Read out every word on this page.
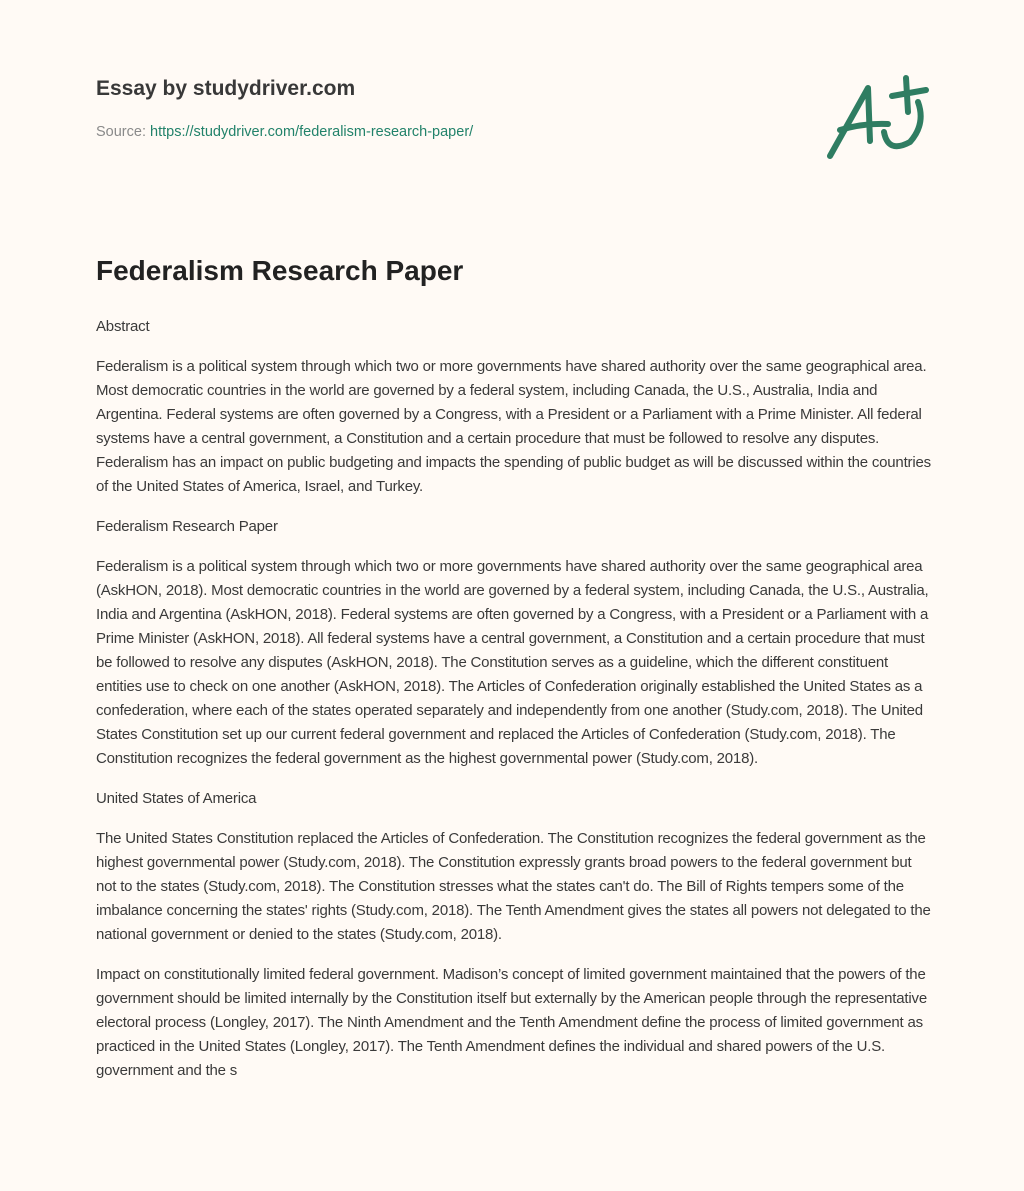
Essay by studydriver.com
Source: https://studydriver.com/federalism-research-paper/
Federalism Research Paper

Abstract

Federalism is a political system through which two or more governments have shared authority over the same geographical area. Most democratic countries in the world are governed by a federal system, including Canada, the U.S., Australia, India and Argentina. Federal systems are often governed by a Congress, with a President or a Parliament with a Prime Minister. All federal systems have a central government, a Constitution and a certain procedure that must be followed to resolve any disputes. Federalism has an impact on public budgeting and impacts the spending of public budget as will be discussed within the countries of the United States of America, Israel, and Turkey.

Federalism Research Paper

Federalism is a political system through which two or more governments have shared authority over the same geographical area (AskHON, 2018). Most democratic countries in the world are governed by a federal system, including Canada, the U.S., Australia, India and Argentina (AskHON, 2018). Federal systems are often governed by a Congress, with a President or a Parliament with a Prime Minister (AskHON, 2018). All federal systems have a central government, a Constitution and a certain procedure that must be followed to resolve any disputes (AskHON, 2018). The Constitution serves as a guideline, which the different constituent entities use to check on one another (AskHON, 2018). The Articles of Confederation originally established the United States as a confederation, where each of the states operated separately and independently from one another (Study.com, 2018). The United States Constitution set up our current federal government and replaced the Articles of Confederation (Study.com, 2018). The Constitution recognizes the federal government as the highest governmental power (Study.com, 2018).

United States of America

The United States Constitution replaced the Articles of Confederation. The Constitution recognizes the federal government as the highest governmental power (Study.com, 2018). The Constitution expressly grants broad powers to the federal government but not to the states (Study.com, 2018). The Constitution stresses what the states can't do. The Bill of Rights tempers some of the imbalance concerning the states' rights (Study.com, 2018). The Tenth Amendment gives the states all powers not delegated to the national government or denied to the states (Study.com, 2018).

Impact on constitutionally limited federal government. Madison’s concept of limited government maintained that the powers of the government should be limited internally by the Constitution itself but externally by the American people through the representative electoral process (Longley, 2017). The Ninth Amendment and the Tenth Amendment define the process of limited government as practiced in the United States (Longley, 2017). The Tenth Amendment defines the individual and shared powers of the U.S. government and the s
